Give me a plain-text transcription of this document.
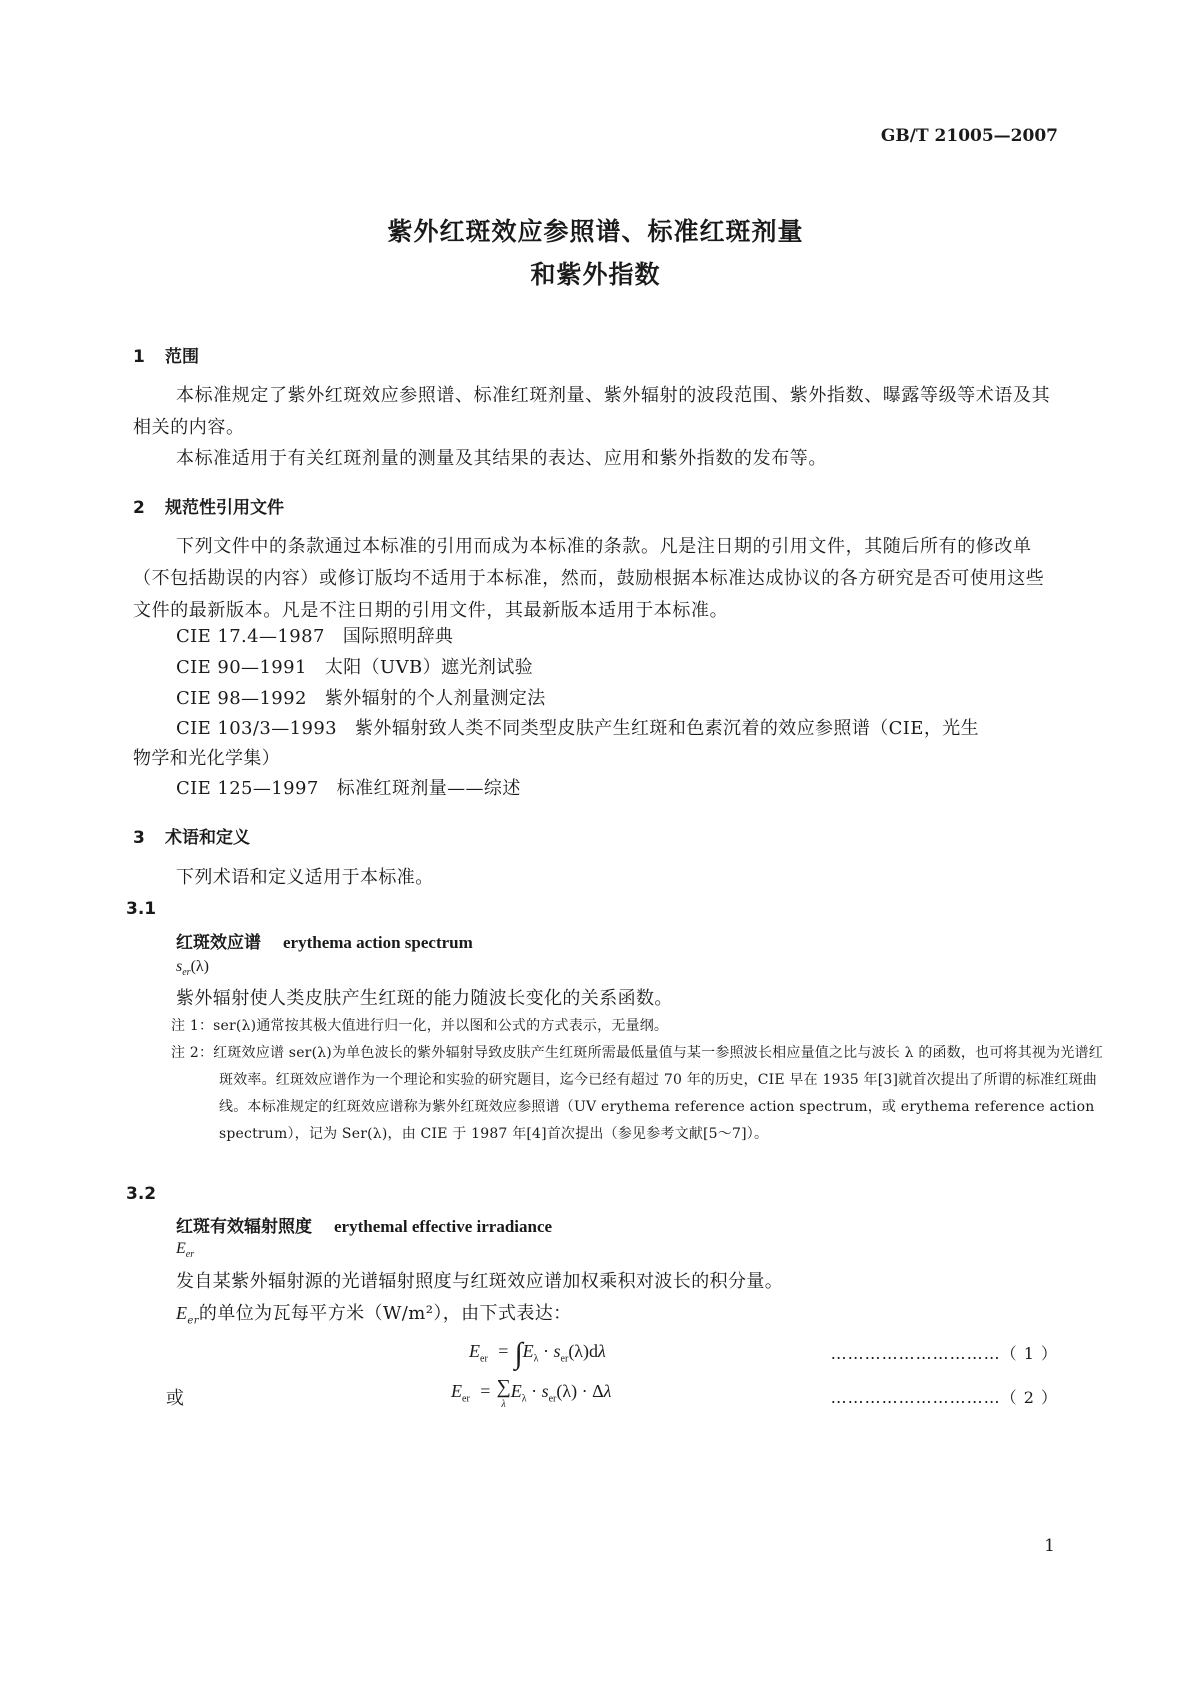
GB/T 21005—2007
紫外红斑效应参照谱、标准红斑剂量
和紫外指数
1 范围
本标准规定了紫外红斑效应参照谱、标准红斑剂量、紫外辐射的波段范围、紫外指数、曝露等级等术语及其相关的内容。
本标准适用于有关红斑剂量的测量及其结果的表达、应用和紫外指数的发布等。
2 规范性引用文件
下列文件中的条款通过本标准的引用而成为本标准的条款。凡是注日期的引用文件，其随后所有的修改单（不包括勘误的内容）或修订版均不适用于本标准，然而，鼓励根据本标准达成协议的各方研究是否可使用这些文件的最新版本。凡是不注日期的引用文件，其最新版本适用于本标准。
CIE 17.4—1987 国际照明辞典
CIE 90—1991 太阳（UVB）遮光剂试验
CIE 98—1992 紫外辐射的个人剂量测定法
CIE 103/3—1993 紫外辐射致人类不同类型皮肤产生红斑和色素沉着的效应参照谱（CIE，光生
物学和光化学集）
CIE 125—1997 标准红斑剂量——综述
3 术语和定义
下列术语和定义适用于本标准。
3.1
红斑效应谱 erythema action spectrum
$s_{er}(\lambda)$
紫外辐射使人类皮肤产生红斑的能力随波长变化的关系函数。
注 1：ser(λ)通常按其极大值进行归一化，并以图和公式的方式表示，无量纲。
注 2：红斑效应谱 ser(λ)为单色波长的紫外辐射导致皮肤产生红斑所需最低量值与某一参照波长相应量值之比与波长 λ 的函数，也可将其视为光谱红斑效率。红斑效应谱作为一个理论和实验的研究题目，迄今已经有超过 70 年的历史，CIE 早在 1935 年[3]就首次提出了所谓的标准红斑曲线。本标准规定的红斑效应谱称为紫外红斑效应参照谱（UV erythema reference action spectrum，或 erythema reference action spectrum），记为 Ser(λ)，由 CIE 于 1987 年[4]首次提出（参见参考文献[5～7]）。
3.2
红斑有效辐射照度 erythemal effective irradiance
$E_{er}$
发自某紫外辐射源的光谱辐射照度与红斑效应谱加权乘积对波长的积分量。
$E_{er}$的单位为瓦每平方米（W/m²），由下式表达：
$E_{er} = \int E_\lambda \cdot s_{er}(\lambda)d\lambda$	…………………………（ 1 ）
或	$E_{er}$ = ∑
$\lambda E_\lambda \cdot s_{er}(\lambda) \cdot \Delta\lambda$	…………………………（ 2 ）
1
